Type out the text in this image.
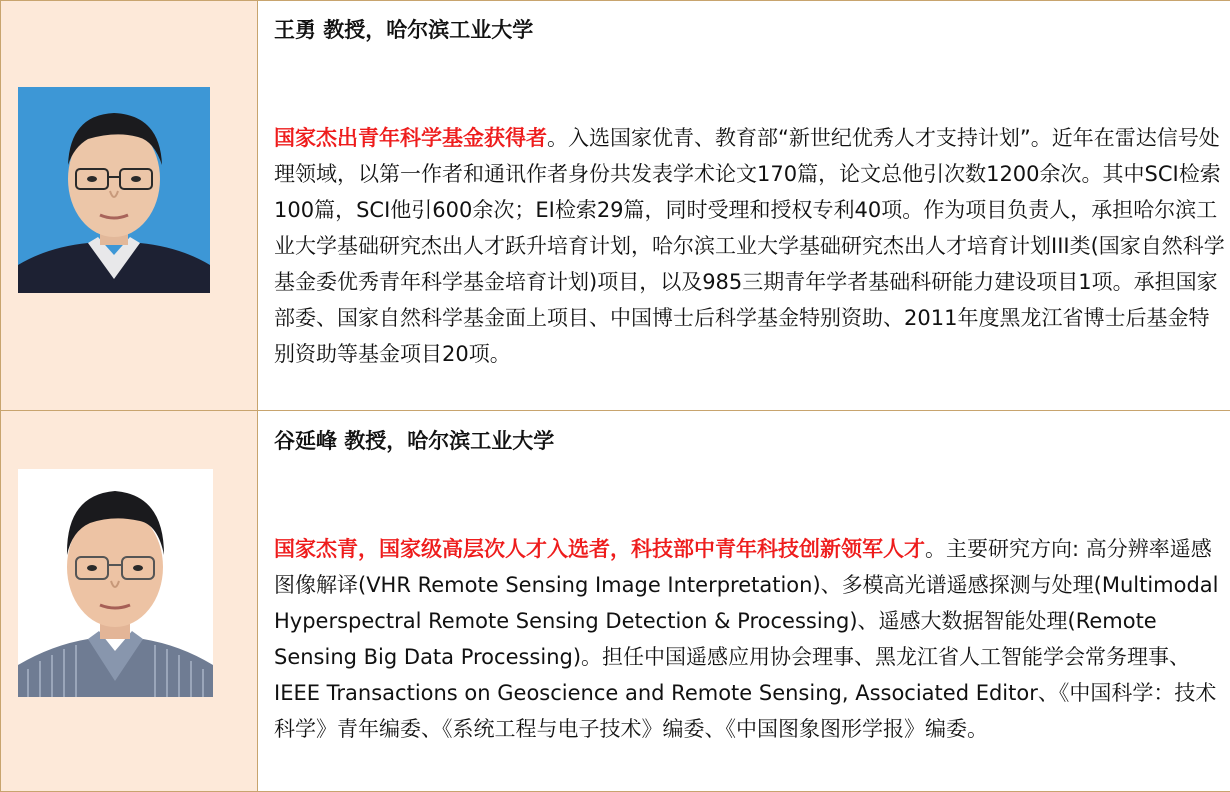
王勇 教授，哈尔滨工业大学

国家杰出青年科学基金获得者。入选国家优青、教育部“新世纪优秀人才支持计划”。近年在雷达信号处理领域，以第一作者和通讯作者身份共发表学术论文170篇，论文总他引次数1200余次。其中SCI检索100篇，SCI他引600余次；EI检索29篇，同时受理和授权专利40项。作为项目负责人，承担哈尔滨工业大学基础研究杰出人才跃升培育计划，哈尔滨工业大学基础研究杰出人才培育计划III类(国家自然科学基金委优秀青年科学基金培育计划)项目，以及985三期青年学者基础科研能力建设项目1项。承担国家部委、国家自然科学基金面上项目、中国博士后科学基金特别资助、2011年度黑龙江省博士后基金特别资助等基金项目20项。

谷延峰 教授，哈尔滨工业大学

国家杰青，国家级高层次人才入选者，科技部中青年科技创新领军人才。主要研究方向: 高分辨率遥感图像解译(VHR Remote Sensing Image Interpretation)、多模高光谱遥感探测与处理(Multimodal Hyperspectral Remote Sensing Detection & Processing)、遥感大数据智能处理(Remote Sensing Big Data Processing)。担任中国遥感应用协会理事、黑龙江省人工智能学会常务理事、IEEE Transactions on Geoscience and Remote Sensing, Associated Editor、《中国科学：技术科学》青年编委、《系统工程与电子技术》编委、《中国图象图形学报》编委。
